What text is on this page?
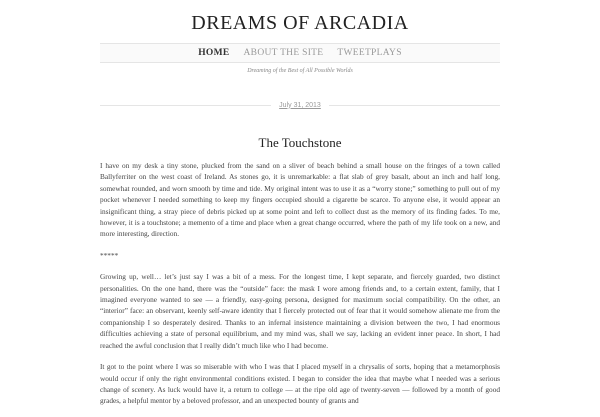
DREAMS OF ARCADIA
HOME ABOUT THE SITE TWEETPLAYS
Dreaming of the Best of All Possible Worlds
July 31, 2013
The Touchstone

I have on my desk a tiny stone, plucked from the sand on a sliver of beach behind a small house on the fringes of a town called Ballyferriter on the west coast of Ireland. As stones go, it is unremarkable: a flat slab of grey basalt, about an inch and half long, somewhat rounded, and worn smooth by time and tide. My original intent was to use it as a “worry stone;” something to pull out of my pocket whenever I needed something to keep my fingers occupied should a cigarette be scarce. To anyone else, it would appear an insignificant thing, a stray piece of debris picked up at some point and left to collect dust as the memory of its finding fades. To me, however, it is a touchstone; a memento of a time and place when a great change occurred, where the path of my life took on a new, and more interesting, direction.

*****

Growing up, well… let’s just say I was a bit of a mess. For the longest time, I kept separate, and fiercely guarded, two distinct personalities. On the one hand, there was the “outside” face: the mask I wore among friends and, to a certain extent, family, that I imagined everyone wanted to see — a friendly, easy-going persona, designed for maximum social compatibility. On the other, an “interior” face: an observant, keenly self-aware identity that I fiercely protected out of fear that it would somehow alienate me from the companionship I so desperately desired. Thanks to an infernal insistence maintaining a division between the two, I had enormous difficulties achieving a state of personal equilibrium, and my mind was, shall we say, lacking an evident inner peace. In short, I had reached the awful conclusion that I really didn’t much like who I had become.

It got to the point where I was so miserable with who I was that I placed myself in a chrysalis of sorts, hoping that a metamorphosis would occur if only the right environmental conditions existed. I began to consider the idea that maybe what I needed was a serious change of scenery. As luck would have it, a return to college — at the ripe old age of twenty-seven — followed by a month of good grades, a helpful mentor by a beloved professor, and an unexpected bounty of grants and
